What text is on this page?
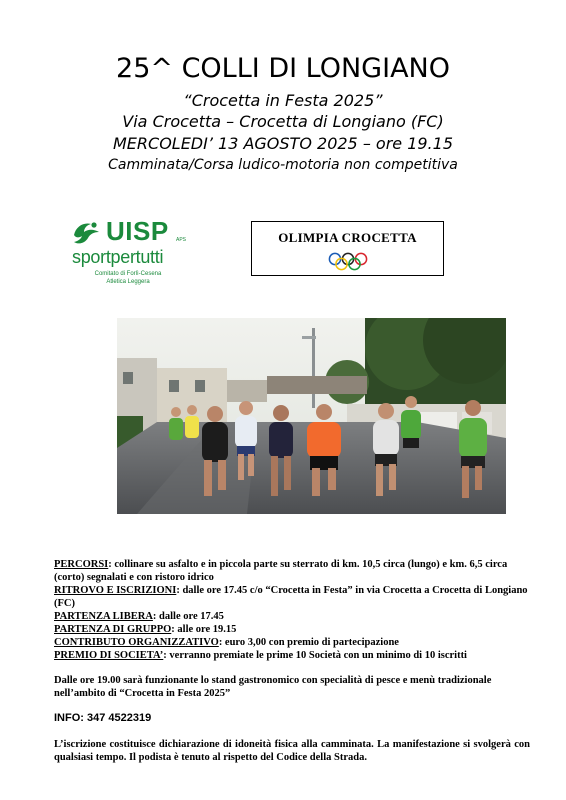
25^ COLLI DI LONGIANO
“Crocetta in Festa 2025”
Via Crocetta – Crocetta di Longiano (FC)
MERCOLEDI’ 13 AGOSTO 2025 – ore 19.15
Camminata/Corsa ludico-motoria non competitiva
UISP APS
sportpertutti
Comitato di Forlì-Cesena
Atletica Leggera
OLIMPIA CROCETTA

PERCORSI: collinare su asfalto e in piccola parte su sterrato di km. 10,5 circa (lungo) e km. 6,5 circa (corto) segnalati e con ristoro idrico

RITROVO E ISCRIZIONI: dalle ore 17.45 c/o “Crocetta in Festa” in via Crocetta a Crocetta di Longiano (FC)

PARTENZA LIBERA: dalle ore 17.45

PARTENZA DI GRUPPO: alle ore 19.15

CONTRIBUTO ORGANIZZATIVO: euro 3,00 con premio di partecipazione

PREMIO DI SOCIETA’: verranno premiate le prime 10 Società con un minimo di 10 iscritti

Dalle ore 19.00 sarà funzionante lo stand gastronomico con specialità di pesce e menù tradizionale nell’ambito di “Crocetta in Festa 2025”

INFO: 347 4522319

L’iscrizione costituisce dichiarazione di idoneità fisica alla camminata. La manifestazione si svolgerà con qualsiasi tempo. Il podista è tenuto al rispetto del Codice della Strada.
